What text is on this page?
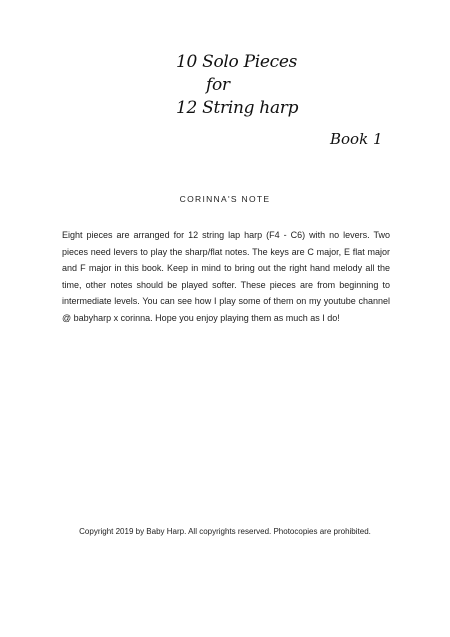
10 Solo Pieces
for
12 String harp
Book 1
CORINNA'S NOTE

Eight pieces are arranged for 12 string lap harp (F4 - C6) with no levers. Two pieces need levers to play the sharp/flat notes. The keys are C major, E flat major and F major in this book. Keep in mind to bring out the right hand melody all the time, other notes should be played softer. These pieces are from beginning to intermediate levels. You can see how I play some of them on my youtube channel @ babyharp x corinna. Hope you enjoy playing them as much as I do!

Copyright 2019 by Baby Harp. All copyrights reserved. Photocopies are prohibited.
